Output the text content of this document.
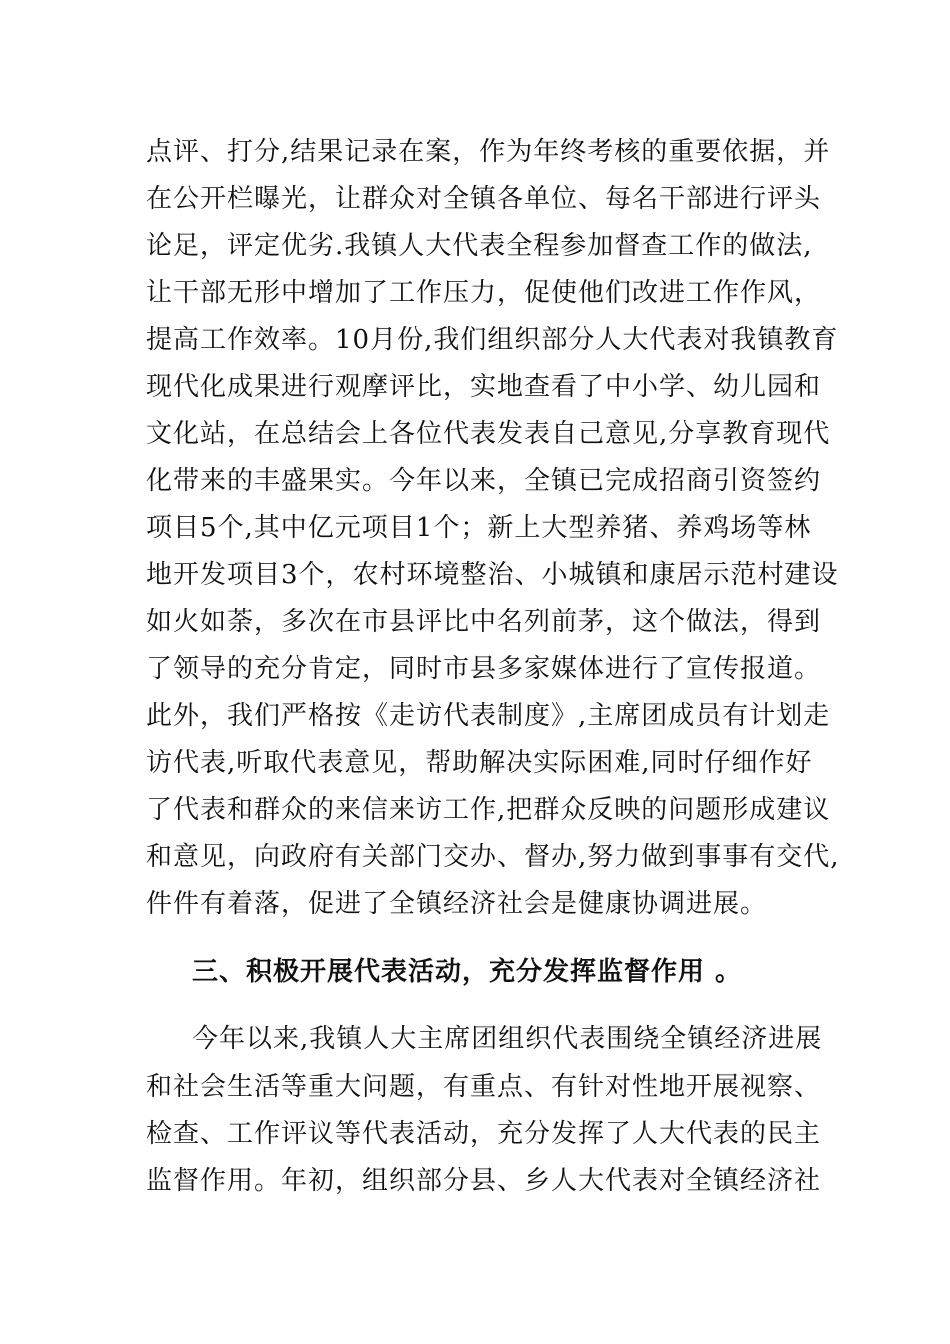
点评、打分,结果记录在案，作为年终考核的重要依据，并
在公开栏曝光，让群众对全镇各单位、每名干部进行评头
论足，评定优劣.我镇人大代表全程参加督查工作的做法,
让干部无形中增加了工作压力，促使他们改进工作作风，
提高工作效率。10月份,我们组织部分人大代表对我镇教育
现代化成果进行观摩评比，实地查看了中小学、幼儿园和
文化站，在总结会上各位代表发表自己意见,分享教育现代
化带来的丰盛果实。今年以来，全镇已完成招商引资签约
项目5个,其中亿元项目1个；新上大型养猪、养鸡场等林
地开发项目3个，农村环境整治、小城镇和康居示范村建设
如火如荼，多次在市县评比中名列前茅，这个做法，得到
了领导的充分肯定，同时市县多家媒体进行了宣传报道。
此外，我们严格按《走访代表制度》,主席团成员有计划走
访代表,听取代表意见，帮助解决实际困难,同时仔细作好
了代表和群众的来信来访工作,把群众反映的问题形成建议
和意见，向政府有关部门交办、督办,努力做到事事有交代,
件件有着落，促进了全镇经济社会是健康协调进展。
三、积极开展代表活动，充分发挥监督作用 。
今年以来,我镇人大主席团组织代表围绕全镇经济进展
和社会生活等重大问题，有重点、有针对性地开展视察、
检查、工作评议等代表活动，充分发挥了人大代表的民主
监督作用。年初，组织部分县、乡人大代表对全镇经济社
